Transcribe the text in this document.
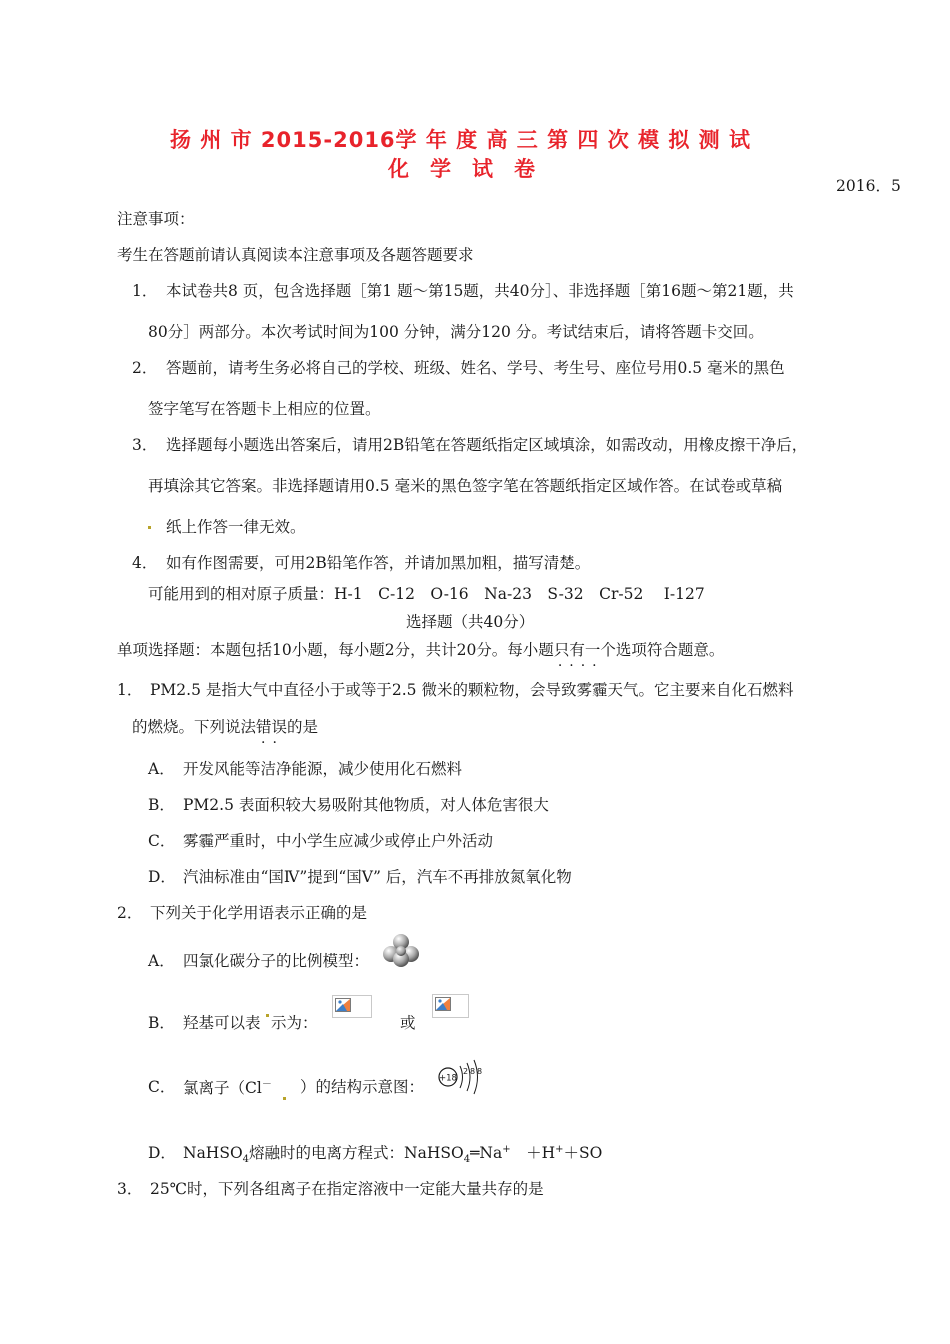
扬 州 市 2015-2016学 年 度 高 三 第 四 次 模 拟 测 试
化　学　试　卷
2016．5
注意事项：
考生在答题前请认真阅读本注意事项及各题答题要求
1． 本试卷共8 页，包含选择题［第1 题～第15题，共40分］、非选择题［第16题～第21题，共
80分］两部分。本次考试时间为100 分钟，满分120 分。考试结束后，请将答题卡交回。
2． 答题前，请考生务必将自己的学校、班级、姓名、学号、考生号、座位号用0.5 毫米的黑色
签字笔写在答题卡上相应的位置。
3． 选择题每小题选出答案后，请用2B铅笔在答题纸指定区域填涂，如需改动，用橡皮擦干净后，
再填涂其它答案。非选择题请用0.5 毫米的黑色签字笔在答题纸指定区域作答。在试卷或草稿
纸上作答一律无效。
4． 如有作图需要，可用2B铅笔作答，并请加黑加粗，描写清楚。
可能用到的相对原子质量：H-1　C-12　O-16　Na-23　S-32　Cr-52　 I-127
选择题（共40分）
单项选择题：本题包括10小题，每小题2分，共计20分。每小题只有一个
····
选项符合题意。
1． PM2.5 是指大气中直径小于或等于2.5 微米的颗粒物，会导致雾霾天气。它主要来自化石燃料
的燃烧。下列说法错误
··
的是
A． 开发风能等洁净能源，减少使用化石燃料
B． PM2.5 表面积较大易吸附其他物质，对人体危害很大
C． 雾霾严重时，中小学生应减少或停止户外活动
D． 汽油标准由“国Ⅳ”提到“国Ⅴ” 后，汽车不再排放氮氧化物
2． 下列关于化学用语表示正确的是
A． 四氯化碳分子的比例模型：
B． 羟基可以表 示为：	或
C． 氯离子（Cl－ ）的结构示意图： +18
2 8 8
D． NaHSO$_4$熔融时的电离方程式：NaHSO$_4$═Na+　＋H+＋SO
3． 25℃时，下列各组离子在指定溶液中一定能大量共存的是
